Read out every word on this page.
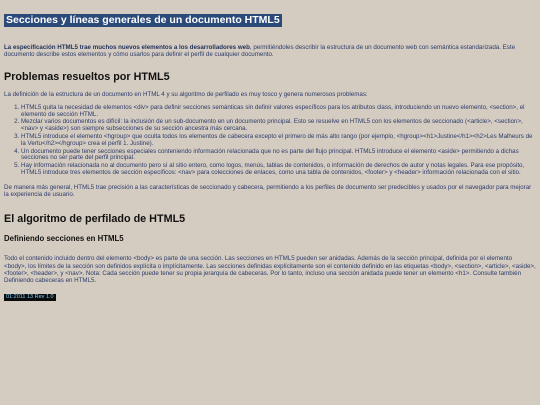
Secciones y líneas generales de un documento HTML5

La especificación HTML5 trae muchos nuevos elementos a los desarrolladores web, permitiéndoles describir la estructura de un documento web con semántica estandarizada. Este documento describe estos elementos y cómo usarlos para definir el perfil de cualquier documento.

Problemas resueltos por HTML5

La definición de la estructura de un documento en HTML 4 y su algoritmo de perfilado es muy tosco y genera numerosos problemas:

1. HTML5 quita la necesidad de elementos <div> para definir secciones semánticas sin definir valores específicos para los atributos class, introduciendo un nuevo elemento, <section>, el elemento de sección HTML.
2. Mezclar varios documentos es difícil: la inclusión de un sub-documento en un documento principal. Esto se resuelve en HTML5 con los elementos de seccionado (<article>, <section>, <nav> y <aside>) son siempre subsecciones de su sección ancestra más cercana.
3. HTML5 introduce el elemento <hgroup> que oculta todos los elementos de cabecera excepto el primero de más alto rango (por ejemplo, <hgroup><h1>Justine</h1><h2>Les Malheurs de la Vertu</h2></hgroup> crea el perfil 1. Justine).
4. Un documento puede tener secciones especiales conteniendo información relacionada que no es parte del flujo principal. HTML5 introduce el elemento <aside> permitiendo a dichas secciones no ser parte del perfil principal.
5. Hay información relacionada no al documento pero sí al sitio entero, como logos, menús, tablas de contenidos, o información de derechos de autor y notas legales. Para ese propósito, HTML5 introduce tres elementos de sección específicos: <nav> para colecciones de enlaces, como una tabla de contenidos, <footer> y <header> información relacionada con el sitio.

De manera más general, HTML5 trae precisión a las características de seccionado y cabecera, permitiendo a los perfiles de documento ser predecibles y usados por el navegador para mejorar la experiencia de usuario.

El algoritmo de perfilado de HTML5
Definiendo secciones en HTML5

Todo el contenido incluido dentro del elemento <body> es parte de una sección. Las secciones en HTML5 pueden ser anidadas. Además de la sección principal, definida por el elemento <body>, los límites de la sección son definidos explícita o implícitamente. Las secciones definidas explícitamente son el contenido definido en las etiquetas <body>, <section>, <article>, <aside>, <footer>, <header>, y <nav>. Nota: Cada sección puede tener su propia jerarquía de cabeceras. Por lo tanto, incluso una sección anidada puede tener un elemento <h1>. Consulte también Definiendo cabeceras en HTML5.

01:2011 13 Rev 1.0
